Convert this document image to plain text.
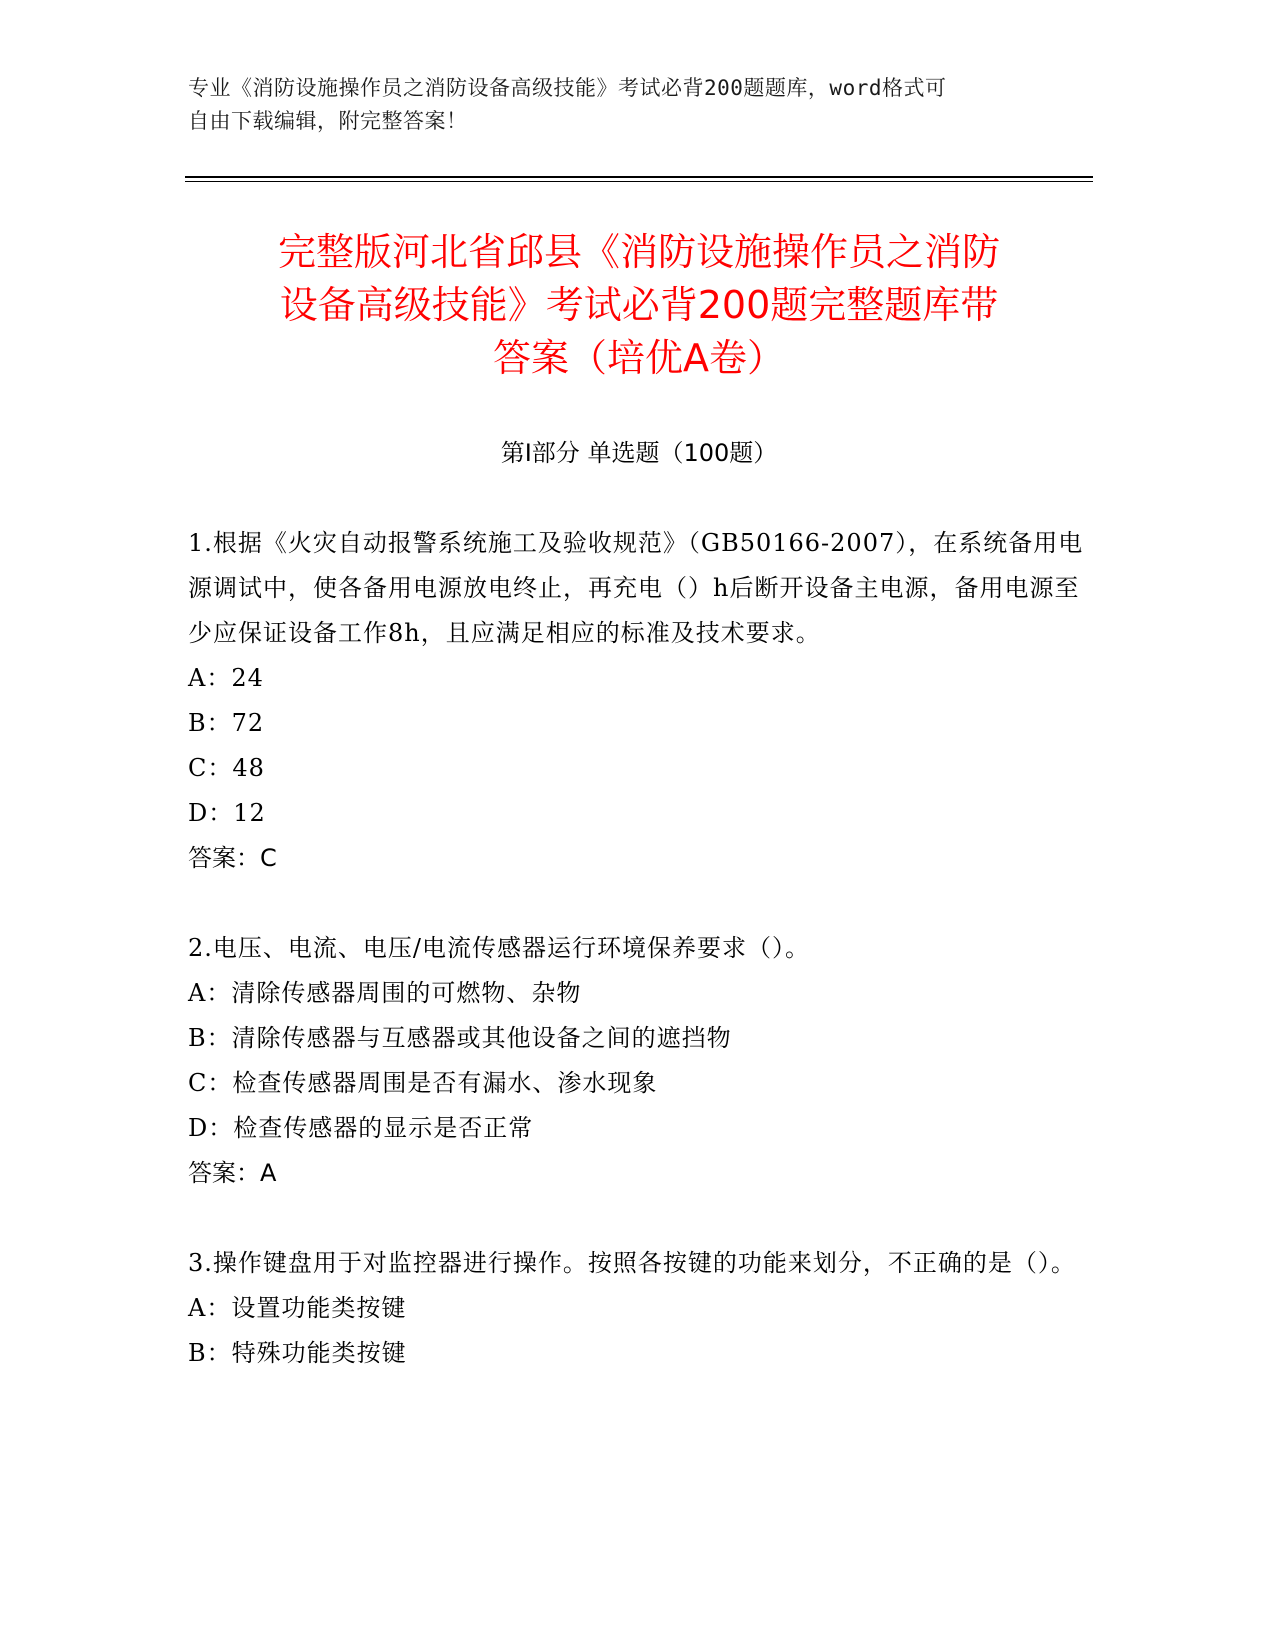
专业《消防设施操作员之消防设备高级技能》考试必背200题题库，word格式可
自由下载编辑，附完整答案！
完整版河北省邱县《消防设施操作员之消防
设备高级技能》考试必背200题完整题库带
答案（培优A卷）
第Ⅰ部分 单选题（100题）

1.根据《火灾自动报警系统施工及验收规范》（GB50166-2007），在系统备用电源调试中，使各备用电源放电终止，再充电（）h后断开设备主电源，备用电源至少应保证设备工作8h，且应满足相应的标准及技术要求。

A：24

B：72

C：48

D：12

答案：C

2.电压、电流、电压/电流传感器运行环境保养要求（）。

A：清除传感器周围的可燃物、杂物

B：清除传感器与互感器或其他设备之间的遮挡物

C：检查传感器周围是否有漏水、渗水现象

D：检查传感器的显示是否正常

答案：A

3.操作键盘用于对监控器进行操作。按照各按键的功能来划分，不正确的是（）。

A：设置功能类按键

B：特殊功能类按键
